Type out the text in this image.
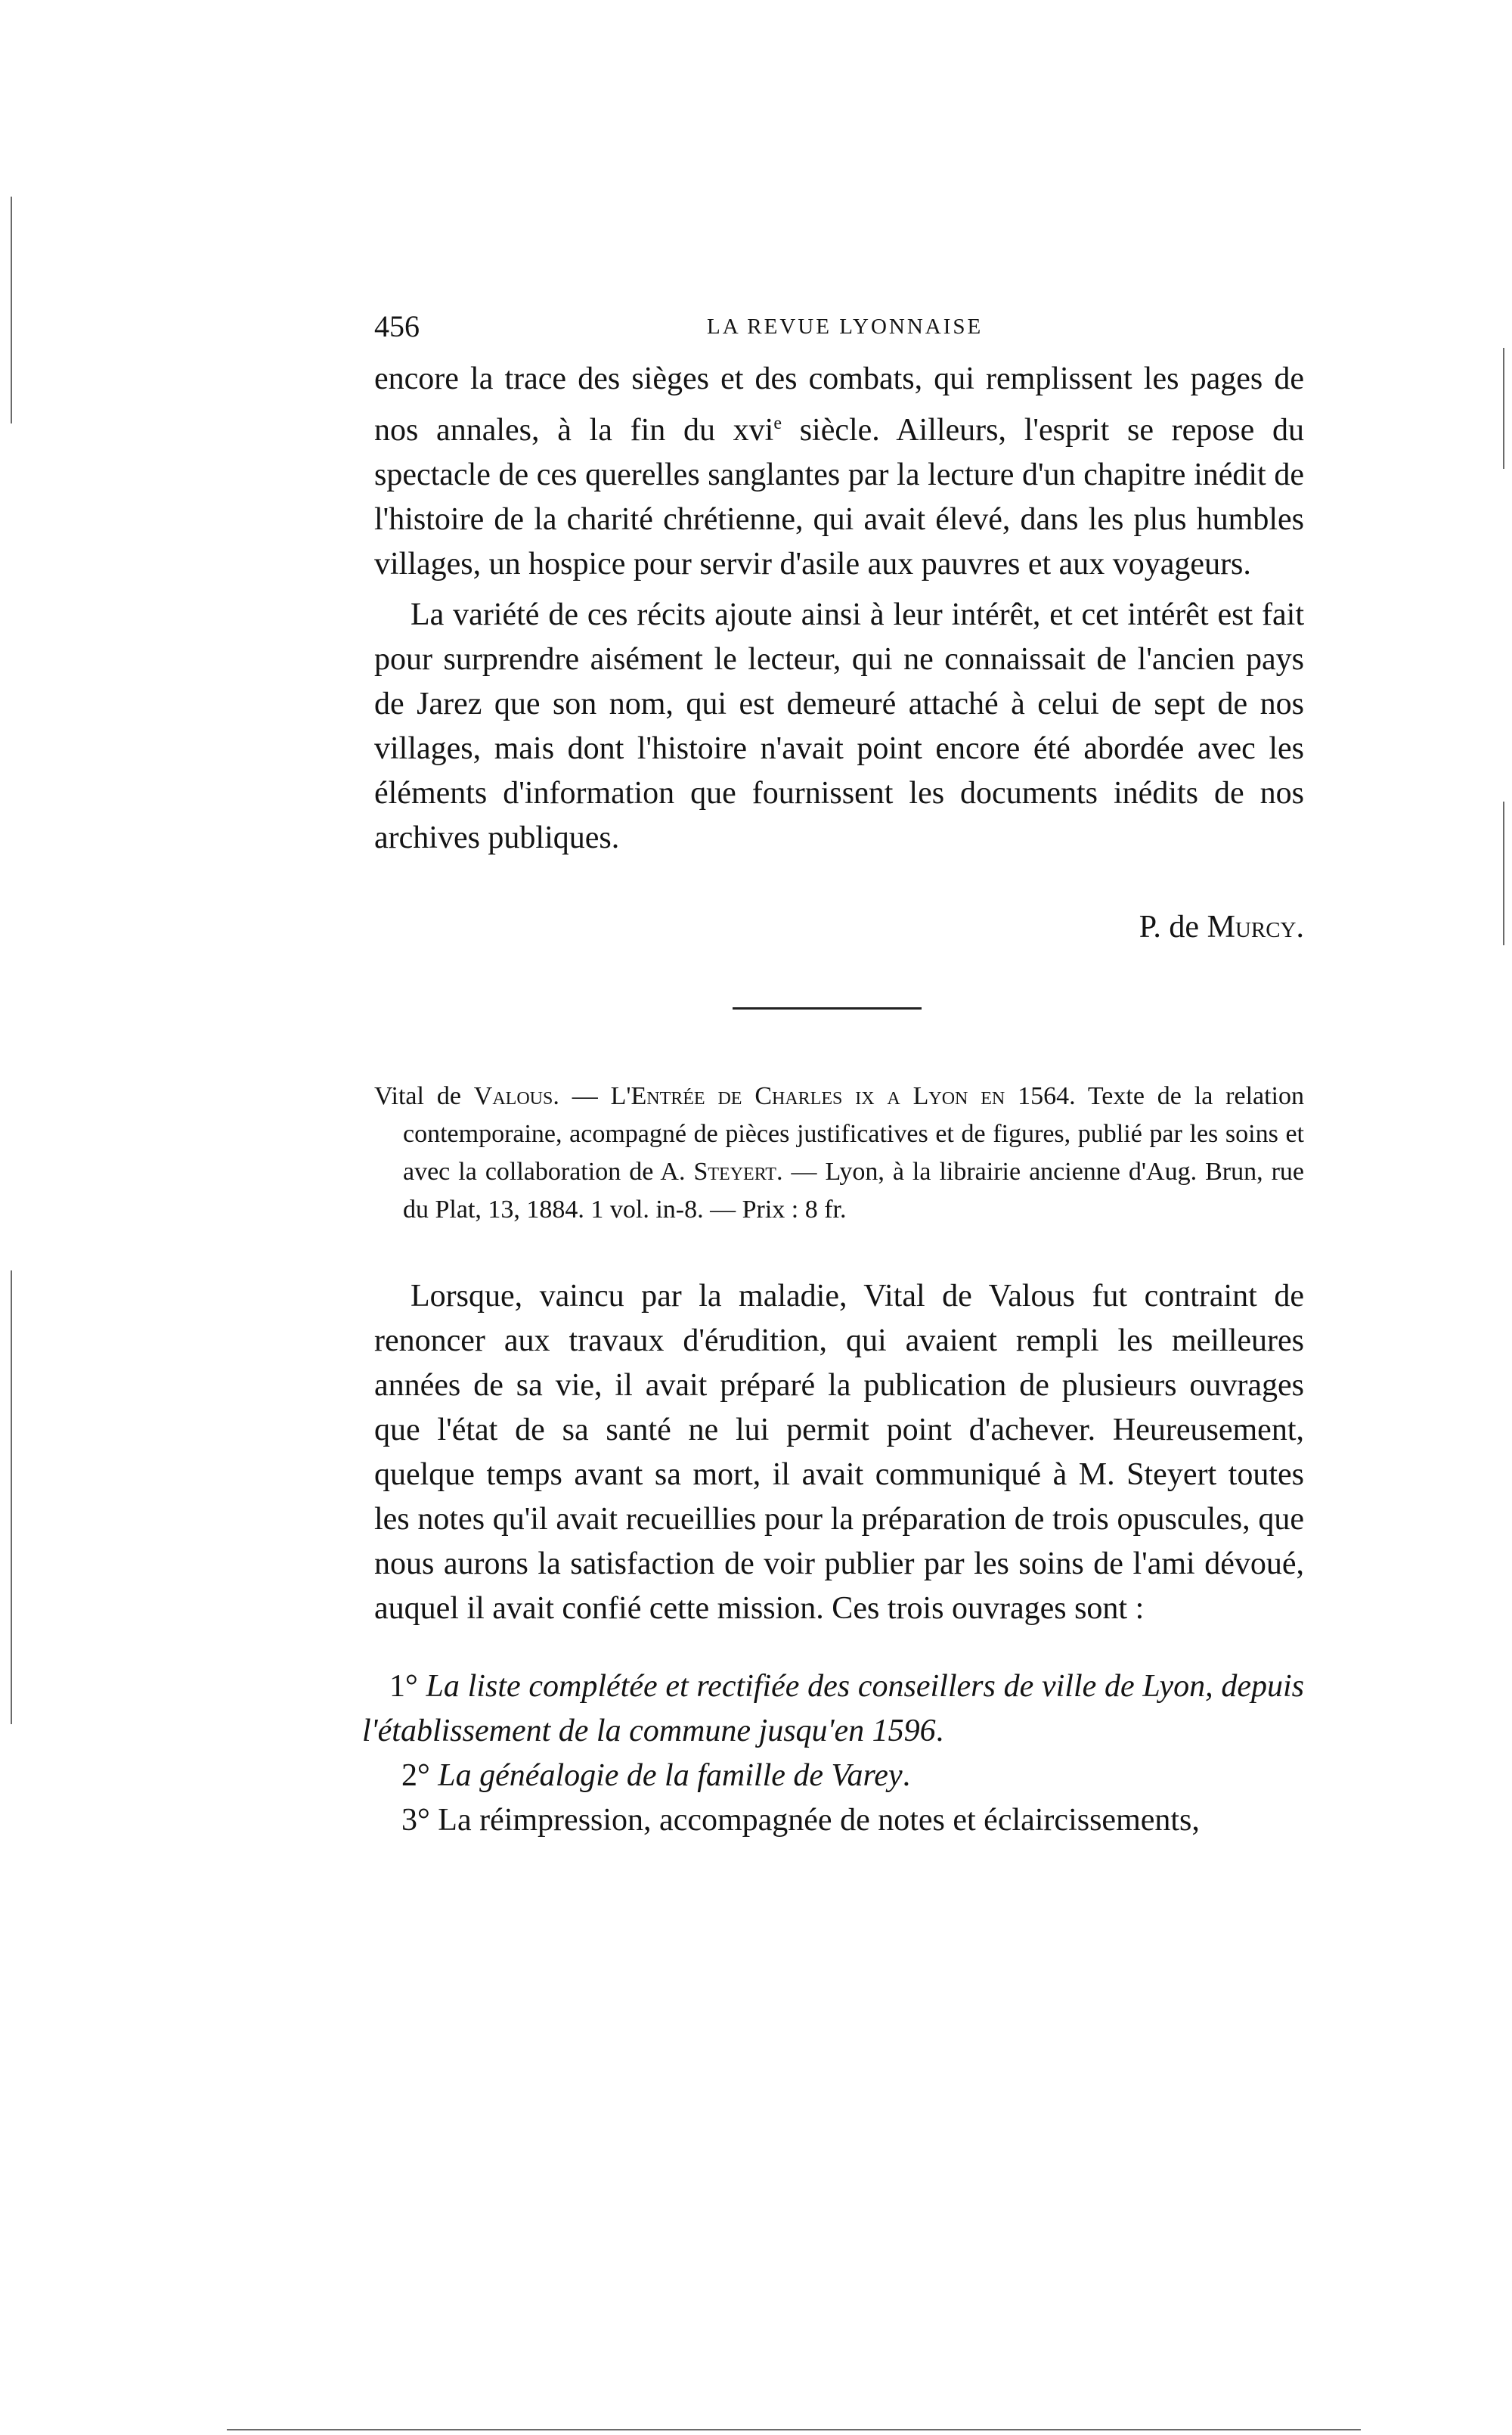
456	LA REVUE LYONNAISE

encore la trace des sièges et des combats, qui remplissent les pages de nos annales, à la fin du xvi$^e$ siècle. Ailleurs, l'esprit se repose du spectacle de ces querelles sanglantes par la lecture d'un chapitre inédit de l'histoire de la charité chrétienne, qui avait élevé, dans les plus humbles villages, un hospice pour servir d'asile aux pauvres et aux voyageurs.

La variété de ces récits ajoute ainsi à leur intérêt, et cet intérêt est fait pour surprendre aisément le lecteur, qui ne connaissait de l'ancien pays de Jarez que son nom, qui est demeuré attaché à celui de sept de nos villages, mais dont l'histoire n'avait point encore été abordée avec les éléments d'information que fournissent les documents inédits de nos archives publiques.

P. de Murcy.

Vital de Valous. — L'Entrée de Charles ix a Lyon en 1564. Texte de la relation contemporaine, acompagné de pièces justificatives et de figures, publié par les soins et avec la collaboration de A. Steyert. — Lyon, à la librairie ancienne d'Aug. Brun, rue du Plat, 13, 1884. 1 vol. in-8. — Prix : 8 fr.

Lorsque, vaincu par la maladie, Vital de Valous fut contraint de renoncer aux travaux d'érudition, qui avaient rempli les meilleures années de sa vie, il avait préparé la publication de plusieurs ouvrages que l'état de sa santé ne lui permit point d'achever. Heureusement, quelque temps avant sa mort, il avait communiqué à M. Steyert toutes les notes qu'il avait recueillies pour la préparation de trois opuscules, que nous aurons la satisfaction de voir publier par les soins de l'ami dévoué, auquel il avait confié cette mission. Ces trois ouvrages sont :

1° La liste complétée et rectifiée des conseillers de ville de Lyon, depuis l'établissement de la commune jusqu'en 1596.

2° La généalogie de la famille de Varey.

3° La réimpression, accompagnée de notes et éclaircissements,
